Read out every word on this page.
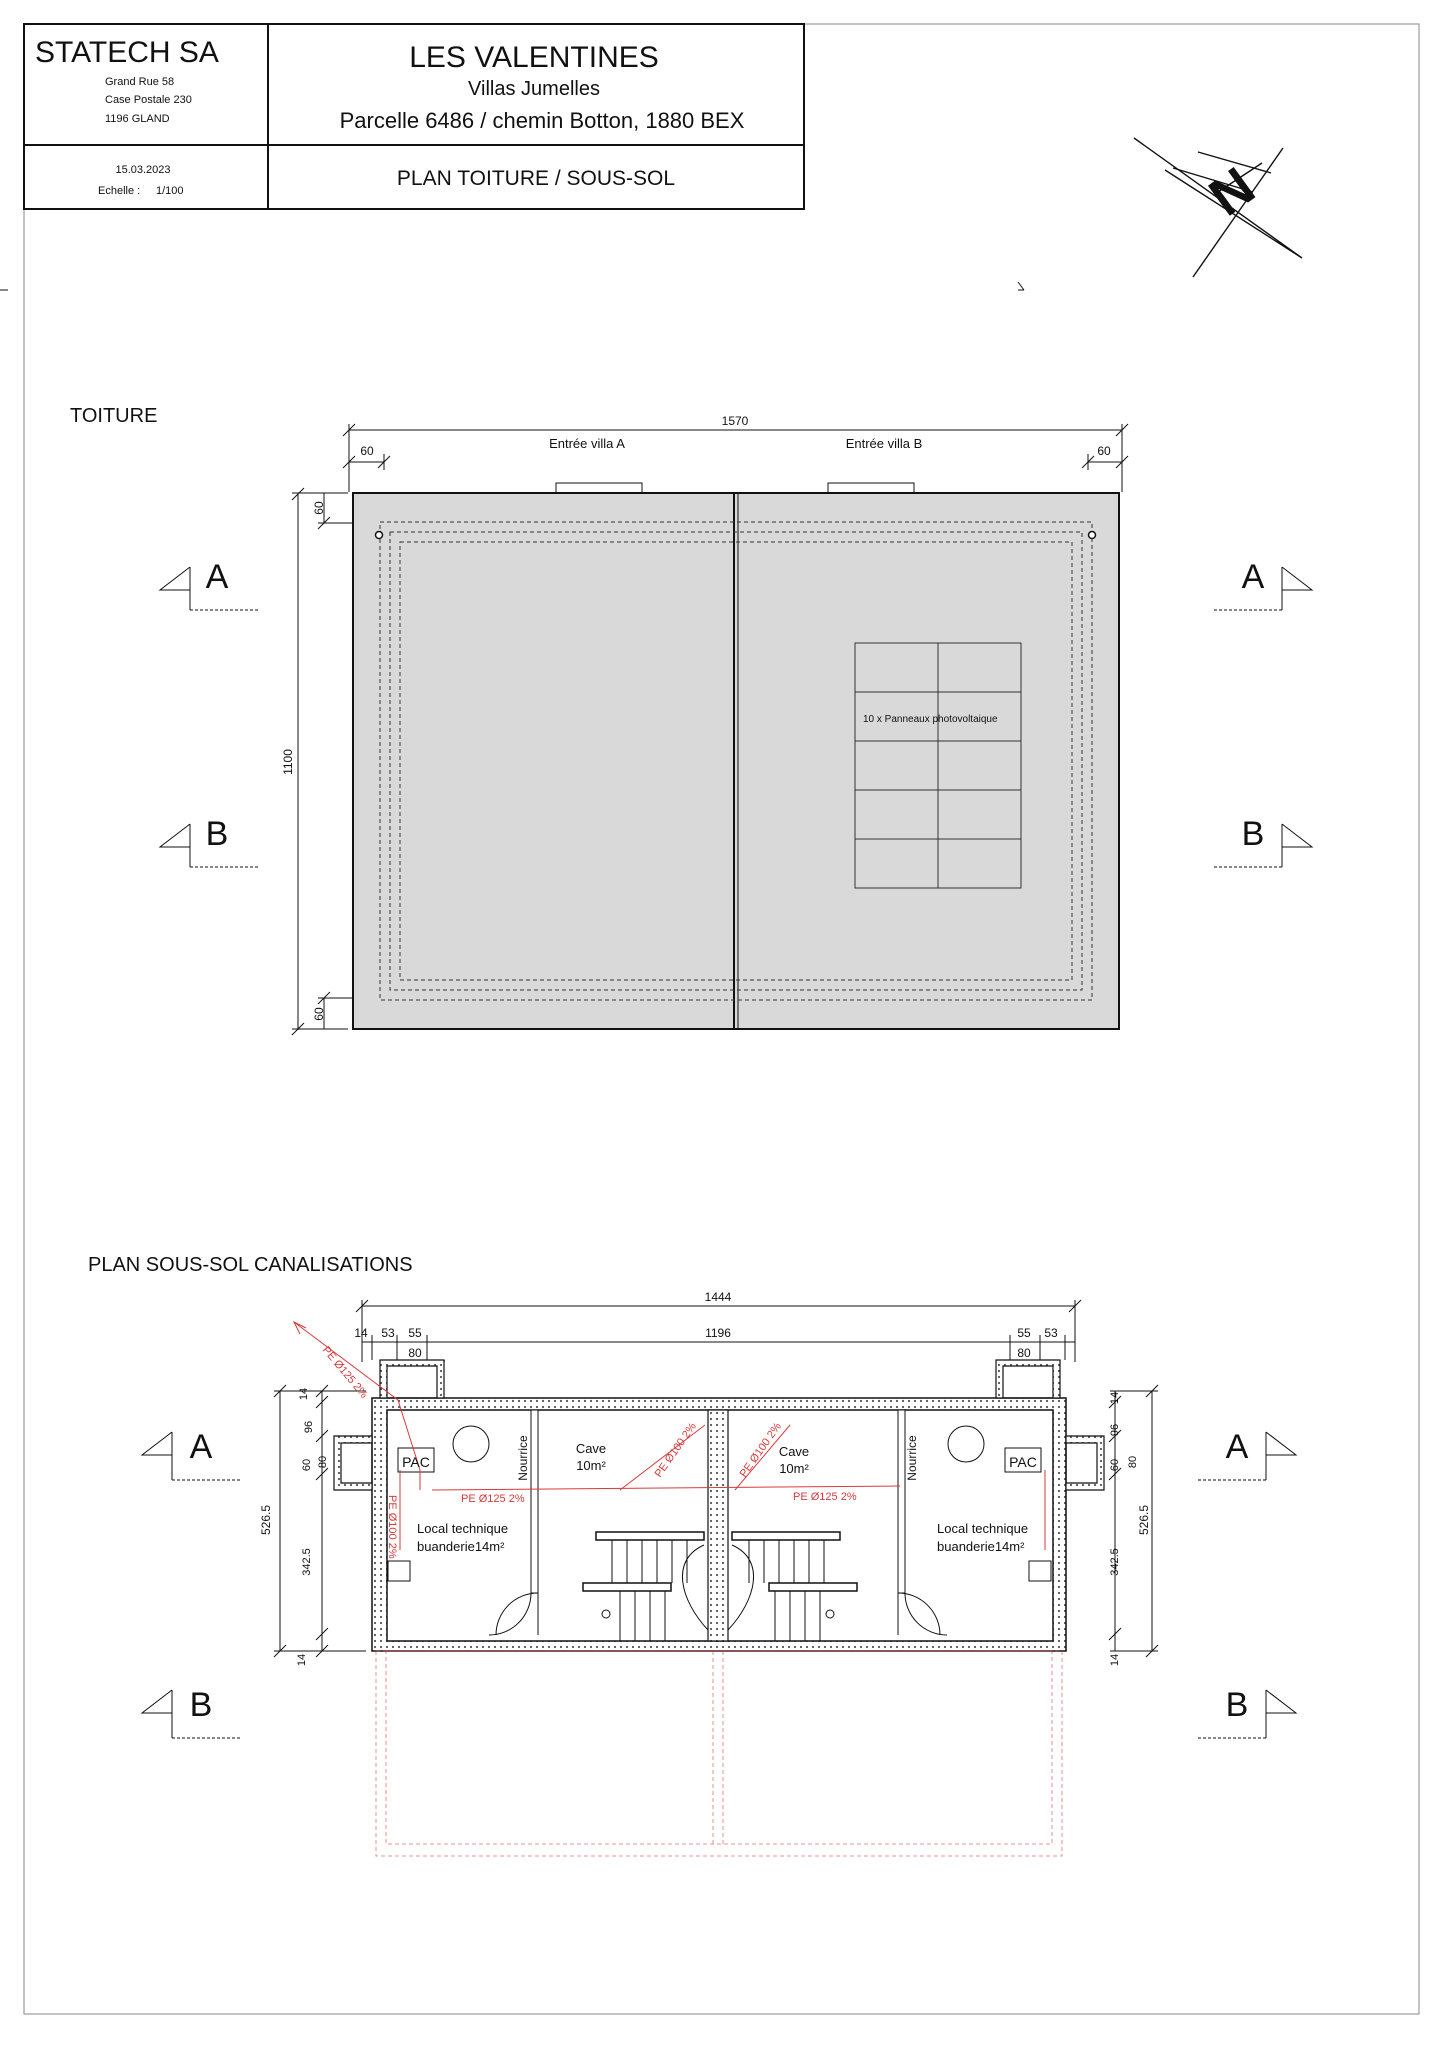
STATECH SA
Grand Rue 58
Case Postale 230
1196 GLAND
LES VALENTINES
Villas Jumelles
Parcelle 6486 / chemin Botton, 1880 BEX
15.03.2023
Echelle : 1/100
PLAN TOITURE / SOUS-SOL	N
TOITURE	1570
60	60
Entrée villa A	Entrée villa B
1100
60
60
10 x Panneaux photovoltaique
A	A
B	B
PLAN SOUS-SOL CANALISATIONS
1444
1196
14 53 55
80
55 53
80
526.5	526.5
14
96
80
60
342.5
14
14
96
60 80
342.5
14
PE Ø125 2%
PE Ø125 2%	PE Ø125 2%
PE Ø100 2%
PE Ø100 2%	PE Ø100 2%
PAC	PAC
Nourrice	Nourrice
Cave
10m²
Cave
10m²
Local technique
buanderie14m²
Local technique
buanderie14m²
A	A
B	B
